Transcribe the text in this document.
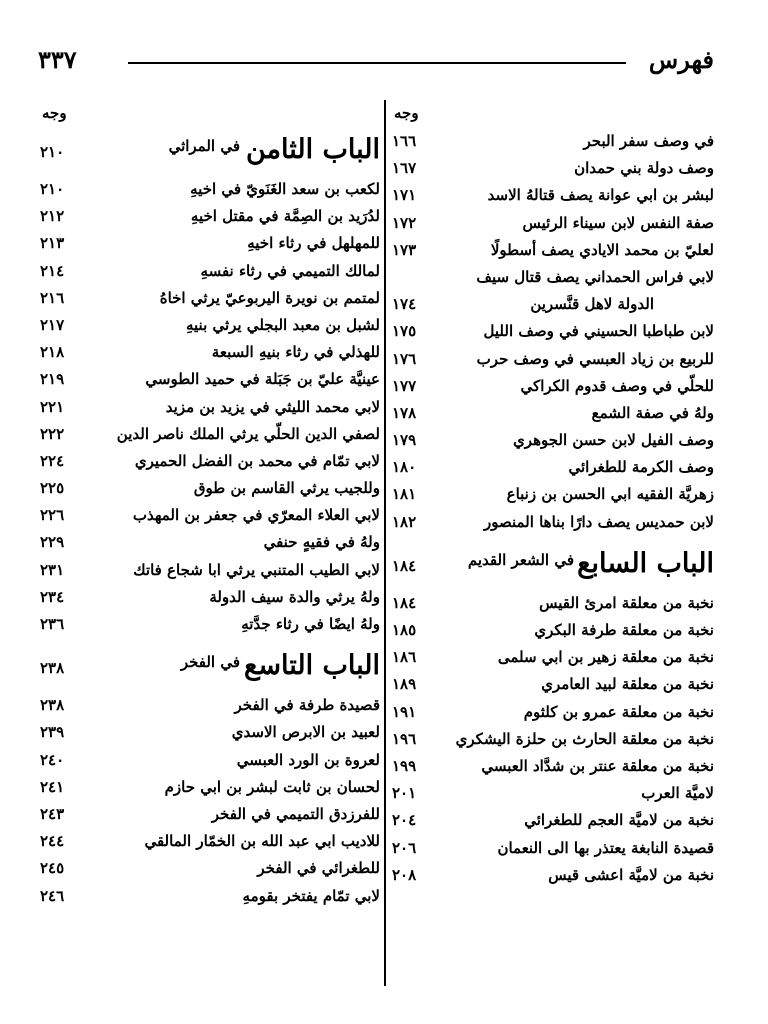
فهرس
٣٣٧
وجه
في وصف سفر البحر
١٦٦
وصف دولة بني حمدان
١٦٧
لبشر بن ابي عوانة يصف قتالهُ الاسد
١٧١
صفة النفس لابن سيناء الرئيس
١٧٢
لعليّ بن محمد الايادي يصف أسطولًا
١٧٣
لابي فراس الحمداني يصف قتال سيف
الدولة لاهل قنَّسرين
١٧٤
لابن طباطبا الحسيني في وصف الليل
١٧٥
للربيع بن زياد العبسي في وصف حرب
١٧٦
للحلّي في وصف قدوم الكراكي
١٧٧
ولهُ في صفة الشمع
١٧٨
وصف الفيل لابن حسن الجوهري
١٧٩
وصف الكرمة للطغرائي
١٨٠
زهريَّة الفقيه ابي الحسن بن زنباع
١٨١
لابن حمديس يصف دارًا بناها المنصور
١٨٢
الباب السابع
في الشعر القديم
١٨٤
نخبة من معلقة امرئ القيس
١٨٤
نخبة من معلقة طرفة البكري
١٨٥
نخبة من معلقة زهير بن ابي سلمى
١٨٦
نخبة من معلقة لبيد العامري
١٨٩
نخبة من معلقة عمرو بن كلثوم
١٩١
نخبة من معلقة الحارث بن حلزة اليشكري
١٩٦
نخبة من معلقة عنتر بن شدَّاد العبسي
١٩٩
لاميَّة العرب
٢٠١
نخبة من لاميَّة العجم للطغرائي
٢٠٤
قصيدة النابغة يعتذر بها الى النعمان
٢٠٦
نخبة من لاميَّة اعشى قيس
٢٠٨
وجه
الباب الثامن
في المراثي
٢١٠
لكعب بن سعد الغَنَويّ في اخيهِ
٢١٠
لدُرَيد بن الصِمَّة في مقتل اخيهِ
٢١٢
للمهلهل في رثاء اخيهِ
٢١٣
لمالك التميمي في رثاء نفسهِ
٢١٤
لمتمم بن نويرة اليربوعيّ يرثي اخاهُ
٢١٦
لشبل بن معبد البجلي يرثي بنيهِ
٢١٧
للهذلي في رثاء بنيهِ السبعة
٢١٨
عينيَّة عليّ بن جَبَلة في حميد الطوسي
٢١٩
لابي محمد الليثي في يزيد بن مزيد
٢٢١
لصفي الدين الحلّي يرثي الملك ناصر الدين
٢٢٢
لابي تمّام في محمد بن الفضل الحميري
٢٢٤
وللجيب يرثي القاسم بن طوق
٢٢٥
لابي العلاء المعرّي في جعفر بن المهذب
٢٢٦
ولهُ في فقيهٍ حنفي
٢٢٩
لابي الطيب المتنبي يرثي ابا شجاع فاتك
٢٣١
ولهُ يرثي والدة سيف الدولة
٢٣٤
ولهُ ايضًا في رثاء جدَّتهِ
٢٣٦
الباب التاسع
في الفخر
٢٣٨
قصيدة طرفة في الفخر
٢٣٨
لعبيد بن الابرص الاسدي
٢٣٩
لعروة بن الورد العبسي
٢٤٠
لحسان بن ثابت لبشر بن ابي حازم
٢٤١
للفرزدق التميمي في الفخر
٢٤٣
للاديب ابي عبد الله بن الخمّار المالقي
٢٤٤
للطغرائي في الفخر
٢٤٥
لابي تمّام يفتخر بقومهِ
٢٤٦
